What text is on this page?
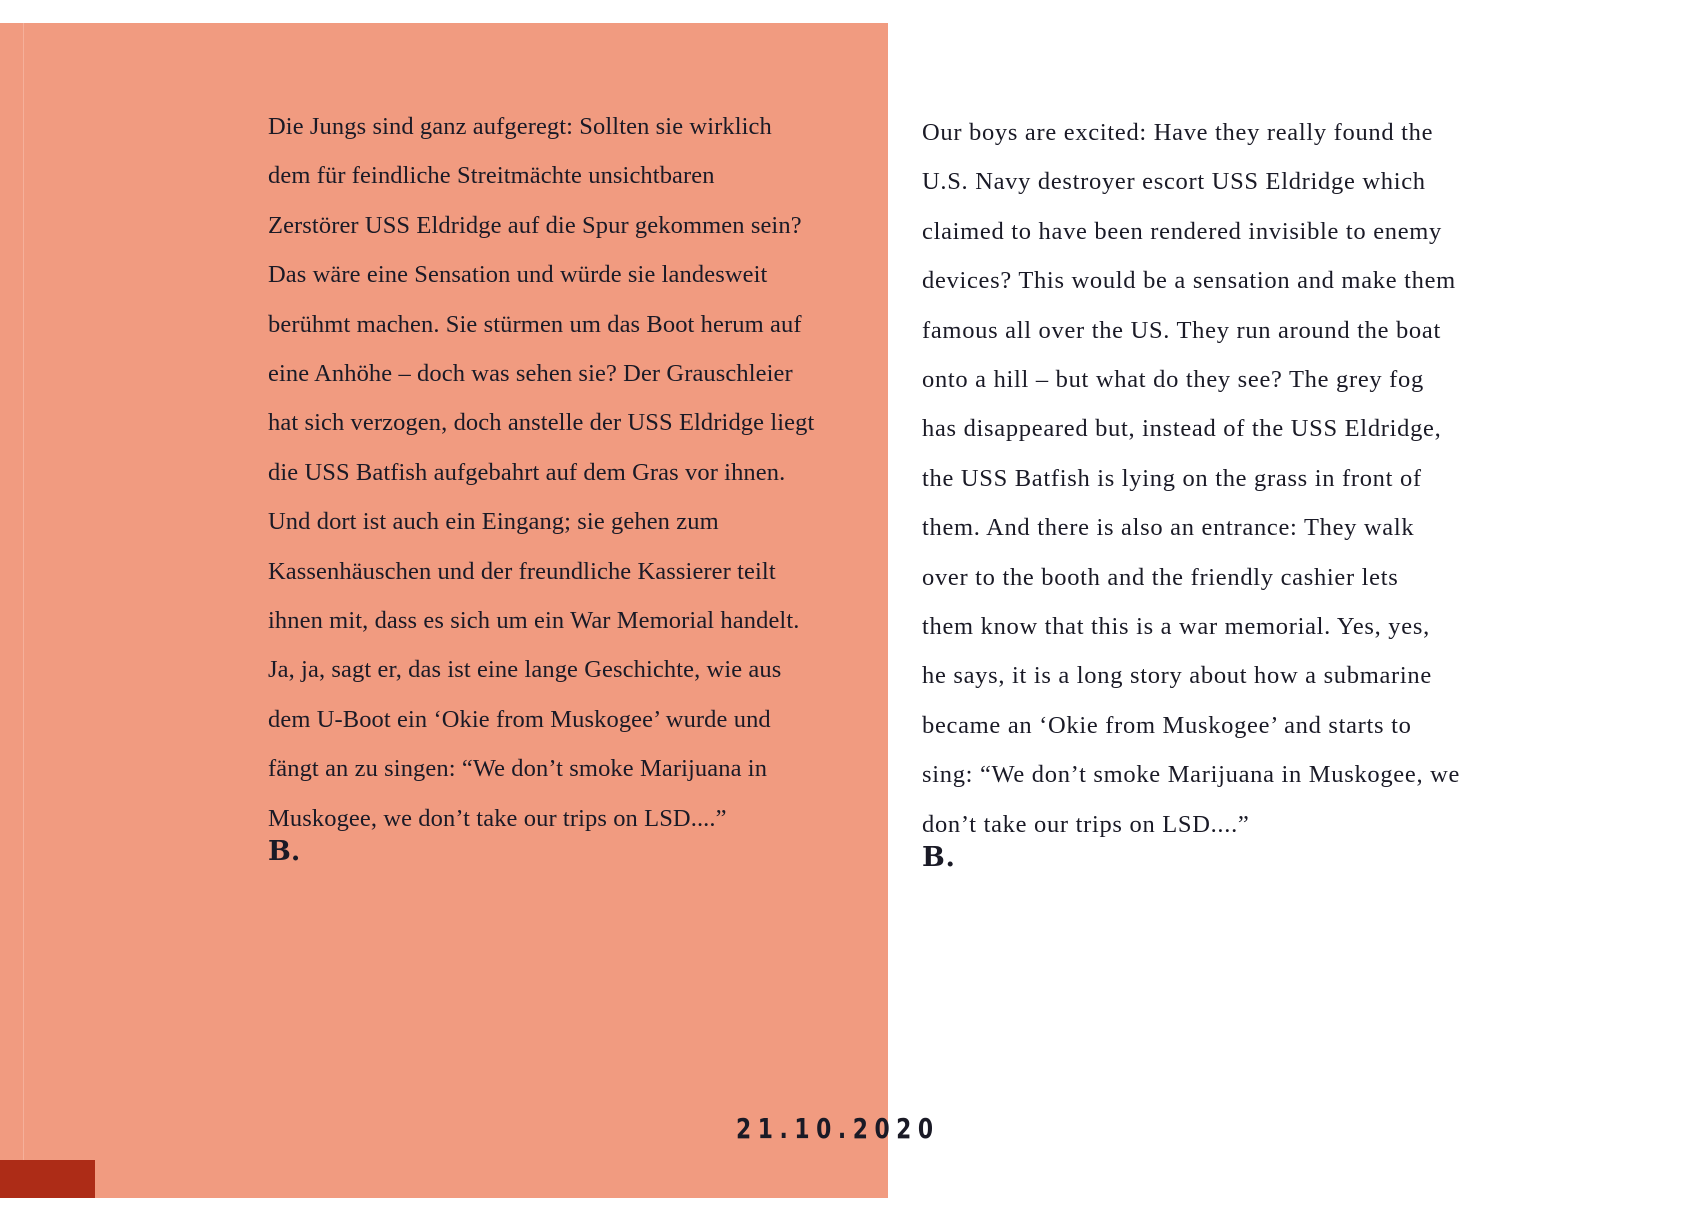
Die Jungs sind ganz aufgeregt: Sollten sie wirklich
dem für feindliche Streitmächte unsichtbaren
Zerstörer USS Eldridge auf die Spur gekommen sein?
Das wäre eine Sensation und würde sie landesweit
berühmt machen. Sie stürmen um das Boot herum auf
eine Anhöhe – doch was sehen sie? Der Grauschleier
hat sich verzogen, doch anstelle der USS Eldridge liegt
die USS Batfish aufgebahrt auf dem Gras vor ihnen.
Und dort ist auch ein Eingang; sie gehen zum
Kassenhäuschen und der freundliche Kassierer teilt
ihnen mit, dass es sich um ein War Memorial handelt.
Ja, ja, sagt er, das ist eine lange Geschichte, wie aus
dem U-Boot ein ‘Okie from Muskogee’ wurde und
fängt an zu singen: “We don’t smoke Marijuana in
Muskogee, we don’t take our trips on LSD....”
B.
Our boys are excited: Have they really found the
U.S. Navy destroyer escort USS Eldridge which
claimed to have been rendered invisible to enemy
devices? This would be a sensation and make them
famous all over the US. They run around the boat
onto a hill – but what do they see? The grey fog
has disappeared but, instead of the USS Eldridge,
the USS Batfish is lying on the grass in front of
them. And there is also an entrance: They walk
over to the booth and the friendly cashier lets
them know that this is a war memorial. Yes, yes,
he says, it is a long story about how a submarine
became an ‘Okie from Muskogee’ and starts to
sing: “We don’t smoke Marijuana in Muskogee, we
don’t take our trips on LSD....”
B.
21.10.2020
